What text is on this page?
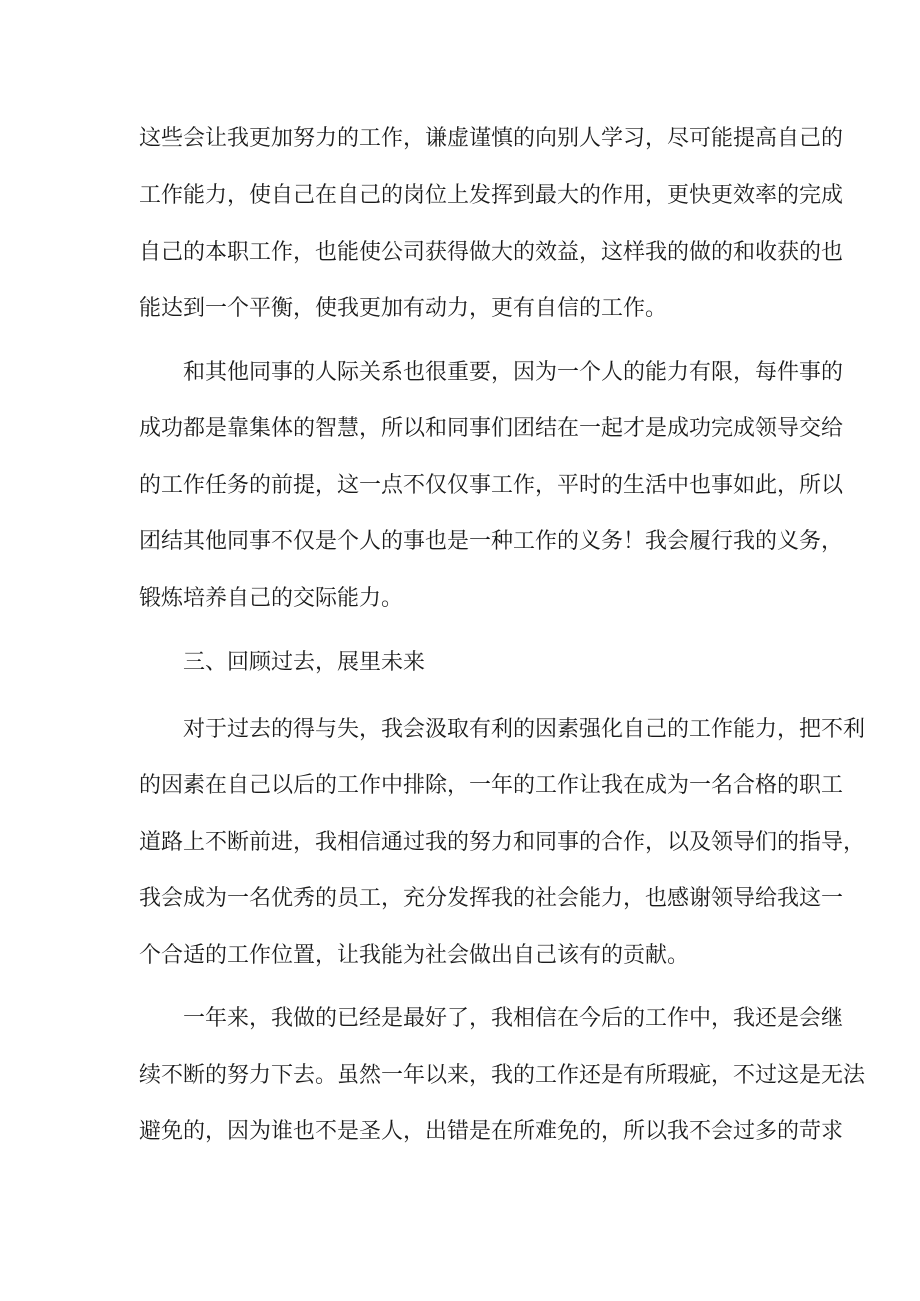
这些会让我更加努力的工作，谦虚谨慎的向别人学习，尽可能提高自己的

工作能力，使自己在自己的岗位上发挥到最大的作用，更快更效率的完成

自己的本职工作，也能使公司获得做大的效益，这样我的做的和收获的也

能达到一个平衡，使我更加有动力，更有自信的工作。

和其他同事的人际关系也很重要，因为一个人的能力有限，每件事的

成功都是靠集体的智慧，所以和同事们团结在一起才是成功完成领导交给

的工作任务的前提，这一点不仅仅事工作，平时的生活中也事如此，所以

团结其他同事不仅是个人的事也是一种工作的义务！我会履行我的义务，

锻炼培养自己的交际能力。

三、回顾过去，展里未来

对于过去的得与失，我会汲取有利的因素强化自己的工作能力，把不利

的因素在自己以后的工作中排除，一年的工作让我在成为一名合格的职工

道路上不断前进，我相信通过我的努力和同事的合作，以及领导们的指导，

我会成为一名优秀的员工，充分发挥我的社会能力，也感谢领导给我这一

个合适的工作位置，让我能为社会做出自己该有的贡献。

一年来，我做的已经是最好了，我相信在今后的工作中，我还是会继

续不断的努力下去。虽然一年以来，我的工作还是有所瑕疵，不过这是无法

避免的，因为谁也不是圣人，出错是在所难免的，所以我不会过多的苛求
